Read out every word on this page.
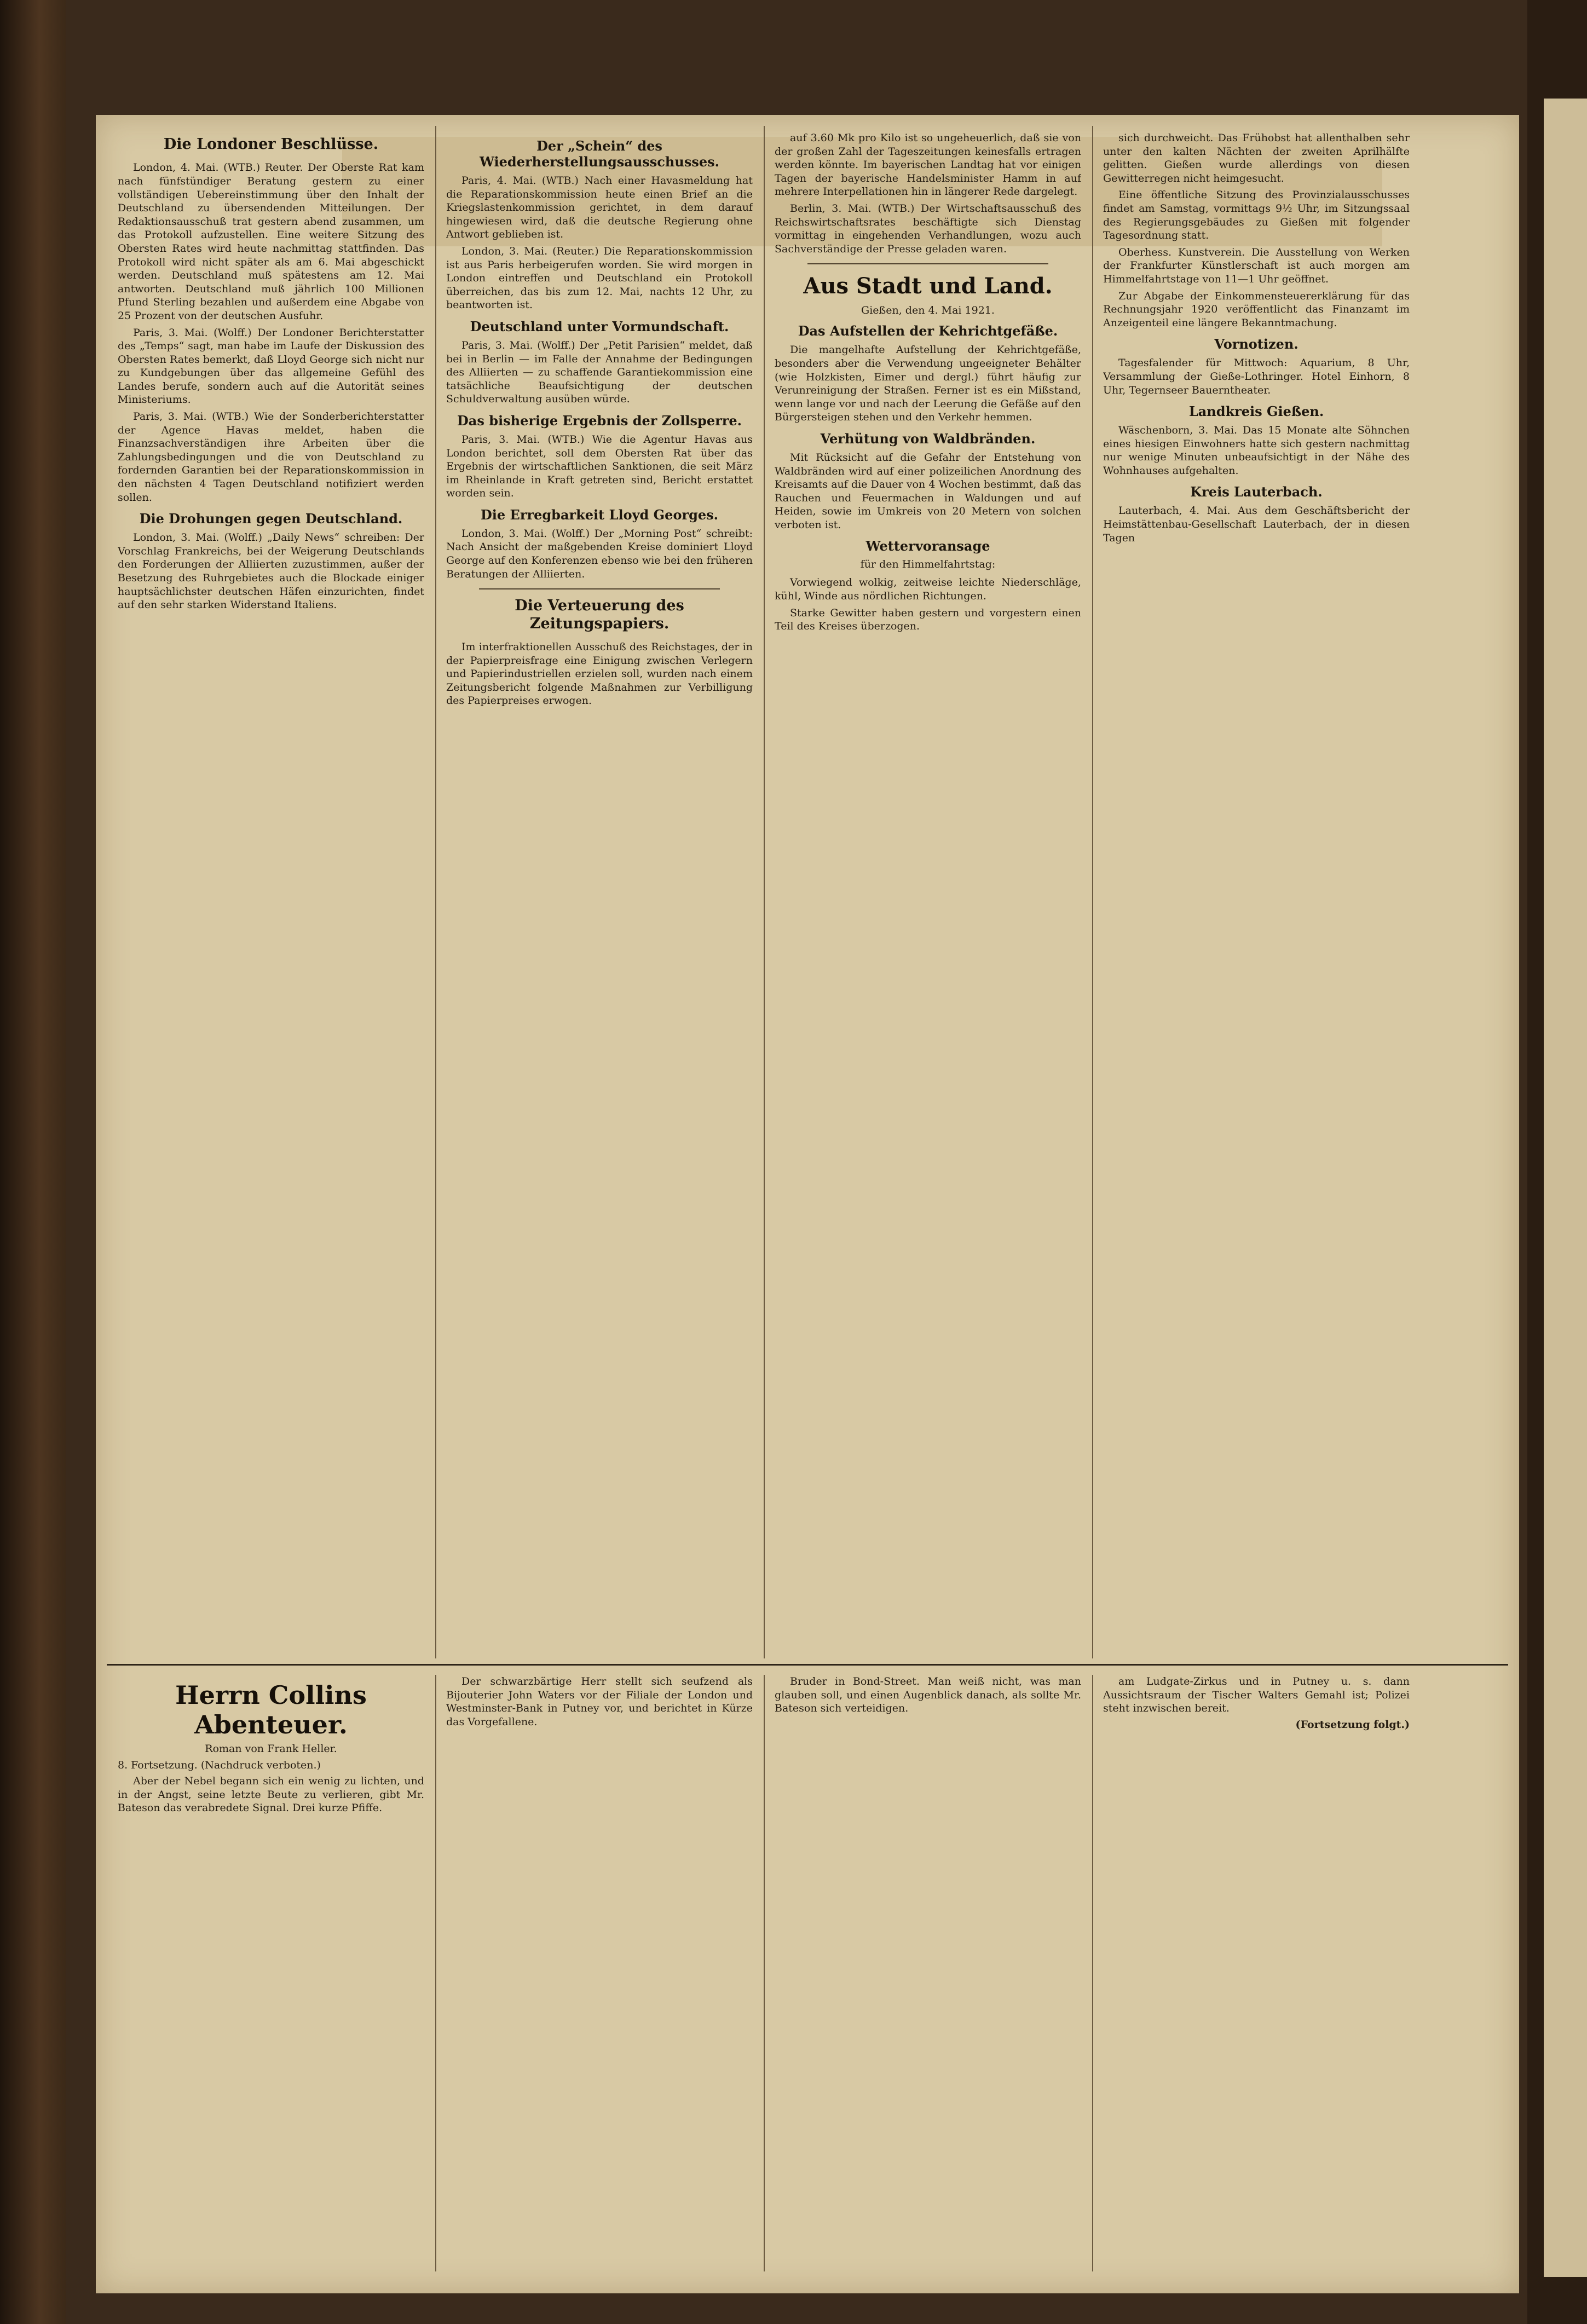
Die Londoner Beschlüsse.

London, 4. Mai. (WTB.) Reuter. Der Oberste Rat kam nach fünfstündiger Beratung gestern zu einer vollständigen Uebereinstimmung über den Inhalt der Deutschland zu übersendenden Mitteilungen. Der Redaktionsausschuß trat gestern abend zusammen, um das Protokoll aufzustellen. Eine weitere Sitzung des Obersten Rates wird heute nachmittag stattfinden. Das Protokoll wird nicht später als am 6. Mai abgeschickt werden. Deutschland muß spätestens am 12. Mai antworten. Deutschland muß jährlich 100 Millionen Pfund Sterling bezahlen und außerdem eine Abgabe von 25 Prozent von der deutschen Ausfuhr.

Paris, 3. Mai. (Wolff.) Der Londoner Berichterstatter des „Temps“ sagt, man habe im Laufe der Diskussion des Obersten Rates bemerkt, daß Lloyd George sich nicht nur zu Kundgebungen über das allgemeine Gefühl des Landes berufe, sondern auch auf die Autorität seines Ministeriums.

Paris, 3. Mai. (WTB.) Wie der Sonderberichterstatter der Agence Havas meldet, haben die Finanzsachverständigen ihre Arbeiten über die Zahlungsbedingungen und die von Deutschland zu fordernden Garantien bei der Reparationskommission in den nächsten 4 Tagen Deutschland notifiziert werden sollen.

Die Drohungen gegen Deutschland.

London, 3. Mai. (Wolff.) „Daily News“ schreiben: Der Vorschlag Frankreichs, bei der Weigerung Deutschlands den Forderungen der Alliierten zuzustimmen, außer der Besetzung des Ruhrgebietes auch die Blockade einiger hauptsächlichster deutschen Häfen einzurichten, findet auf den sehr starken Widerstand Italiens.

Der „Schein“ des Wiederherstellungsausschusses.

Paris, 4. Mai. (WTB.) Nach einer Havasmeldung hat die Reparationskommission heute einen Brief an die Kriegslastenkommission gerichtet, in dem darauf hingewiesen wird, daß die deutsche Regierung ohne Antwort geblieben ist.

London, 3. Mai. (Reuter.) Die Reparationskommission ist aus Paris herbeigerufen worden. Sie wird morgen in London eintreffen und Deutschland ein Protokoll überreichen, das bis zum 12. Mai, nachts 12 Uhr, zu beantworten ist.

Deutschland unter Vormundschaft.

Paris, 3. Mai. (Wolff.) Der „Petit Parisien“ meldet, daß bei in Berlin — im Falle der Annahme der Bedingungen des Alliierten — zu schaffende Garantiekommission eine tatsächliche Beaufsichtigung der deutschen Schuldverwaltung ausüben würde.

Das bisherige Ergebnis der Zollsperre.

Paris, 3. Mai. (WTB.) Wie die Agentur Havas aus London berichtet, soll dem Obersten Rat über das Ergebnis der wirtschaftlichen Sanktionen, die seit März im Rheinlande in Kraft getreten sind, Bericht erstattet worden sein.

Die Erregbarkeit Lloyd Georges.

London, 3. Mai. (Wolff.) Der „Morning Post“ schreibt: Nach Ansicht der maßgebenden Kreise dominiert Lloyd George auf den Konferenzen ebenso wie bei den früheren Beratungen der Alliierten.

Die Verteuerung des Zeitungspapiers.

Im interfraktionellen Ausschuß des Reichstages, der in der Papierpreisfrage eine Einigung zwischen Verlegern und Papierindustriellen erzielen soll, wurden nach einem Zeitungsbericht folgende Maßnahmen zur Verbilligung des Papierpreises erwogen.

auf 3.60 Mk pro Kilo ist so ungeheuerlich, daß sie von der großen Zahl der Tageszeitungen keinesfalls ertragen werden könnte. Im bayerischen Landtag hat vor einigen Tagen der bayerische Handelsminister Hamm in auf mehrere Interpellationen hin in längerer Rede dargelegt.

Berlin, 3. Mai. (WTB.) Der Wirtschaftsausschuß des Reichswirtschaftsrates beschäftigte sich Dienstag vormittag in eingehenden Verhandlungen, wozu auch Sachverständige der Presse geladen waren.

Aus Stadt und Land.
Gießen, den 4. Mai 1921.
Das Aufstellen der Kehrichtgefäße.

Die mangelhafte Aufstellung der Kehrichtgefäße, besonders aber die Verwendung ungeeigneter Behälter (wie Holzkisten, Eimer und dergl.) führt häufig zur Verunreinigung der Straßen. Ferner ist es ein Mißstand, wenn lange vor und nach der Leerung die Gefäße auf den Bürgersteigen stehen und den Verkehr hemmen.

Verhütung von Waldbränden.

Mit Rücksicht auf die Gefahr der Entstehung von Waldbränden wird auf einer polizeilichen Anordnung des Kreisamts auf die Dauer von 4 Wochen bestimmt, daß das Rauchen und Feuermachen in Waldungen und auf Heiden, sowie im Umkreis von 20 Metern von solchen verboten ist.

Wettervoransage
für den Himmelfahrtstag:

Vorwiegend wolkig, zeitweise leichte Niederschläge, kühl, Winde aus nördlichen Richtungen.

Starke Gewitter haben gestern und vorgestern einen Teil des Kreises überzogen.

sich durchweicht. Das Frühobst hat allenthalben sehr unter den kalten Nächten der zweiten Aprilhälfte gelitten. Gießen wurde allerdings von diesen Gewitterregen nicht heimgesucht.

Eine öffentliche Sitzung des Provinzialausschusses findet am Samstag, vormittags 9½ Uhr, im Sitzungssaal des Regierungsgebäudes zu Gießen mit folgender Tagesordnung statt.

Oberhess. Kunstverein. Die Ausstellung von Werken der Frankfurter Künstlerschaft ist auch morgen am Himmelfahrtstage von 11—1 Uhr geöffnet.

Zur Abgabe der Einkommensteuererklärung für das Rechnungsjahr 1920 veröffentlicht das Finanzamt im Anzeigenteil eine längere Bekanntmachung.

Vornotizen.

Tagesfalender für Mittwoch: Aquarium, 8 Uhr, Versammlung der Gieße-Lothringer. Hotel Einhorn, 8 Uhr, Tegernseer Bauerntheater.

Landkreis Gießen.

Wäschenborn, 3. Mai. Das 15 Monate alte Söhnchen eines hiesigen Einwohners hatte sich gestern nachmittag nur wenige Minuten unbeaufsichtigt in der Nähe des Wohnhauses aufgehalten.

Kreis Lauterbach.

Lauterbach, 4. Mai. Aus dem Geschäftsbericht der Heimstättenbau-Gesellschaft Lauterbach, der in diesen Tagen

Herrn Collins Abenteuer.
Roman von Frank Heller.
8. Fortsetzung. (Nachdruck verboten.)

Aber der Nebel begann sich ein wenig zu lichten, und in der Angst, seine letzte Beute zu verlieren, gibt Mr. Bateson das verabredete Signal. Drei kurze Pfiffe.

Der schwarzbärtige Herr stellt sich seufzend als Bijouterier John Waters vor der Filiale der London und Westminster-Bank in Putney vor, und berichtet in Kürze das Vorgefallene.

Bruder in Bond-Street. Man weiß nicht, was man glauben soll, und einen Augenblick danach, als sollte Mr. Bateson sich verteidigen.

am Ludgate-Zirkus und in Putney u. s. dann Aussichtsraum der Tischer Walters Gemahl ist; Polizei steht inzwischen bereit.

(Fortsetzung folgt.)
